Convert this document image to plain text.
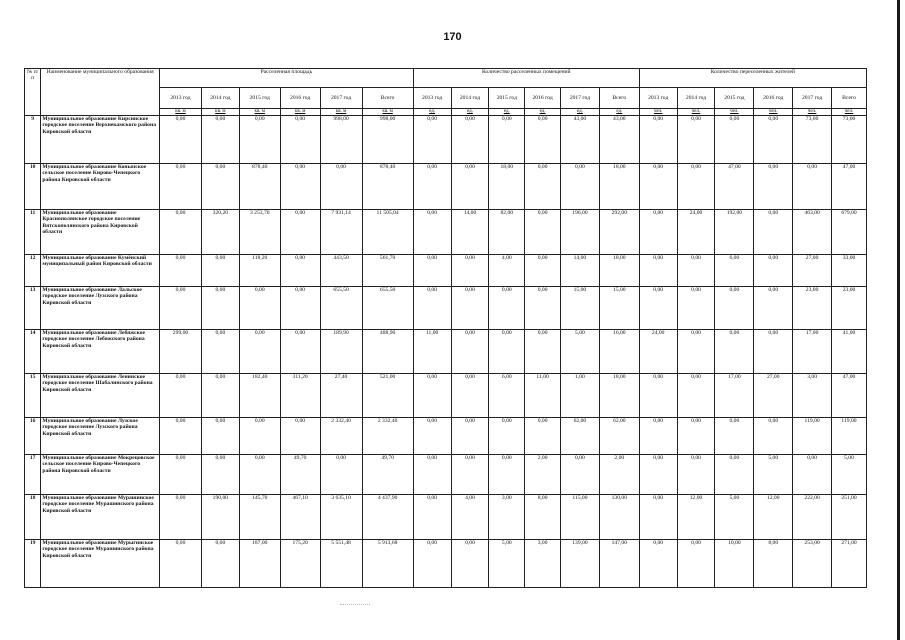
170
№ п/п	Наименование муниципального образования	Расселенная площадь						Количество расселенных помещений						Количество переселенных жителей					
		2013 год	2014 год	2015 год	2016 год	2017 год	Всего	2013 год	2014 год	2015 год	2016 год	2017 год	Всего	2013 год	2014 год	2015 год	2016 год	2017 год	Всего
		кв. м	кв. м	кв. м	кв. м	кв. м	кв. м	ед.	ед.	ед.	ед.	ед.	ед.	чел.	чел.	чел.	чел.	чел.	чел.
9	Муниципальное образование Кирсинское городское поселение Верхнекамского района Кировской области	0,00	0,00	0,00	0,00	998,00	998,00	0,00	0,00	0,00	0,00	43,00	43,00	0,00	0,00	0,00	0,00	73,00	73,00
10	Муниципальное образование Коныпское сельское поселение Кирово-Чепецкого района Кировской области	0,00	0,00	878,40	0,00	0,00	878,40	0,00	0,00	18,00	0,00	0,00	18,00	0,00	0,00	47,00	0,00	0,00	47,00
11	Муниципальное образование Краснополянское городское поселение Вятскополянского района Кировской области	0,00	320,20	3 253,70	0,00	7 931,14	11 505,04	0,00	14,00	82,00	0,00	196,00	292,00	0,00	24,00	192,00	0,00	463,00	679,00
12	Муниципальное образование Кумёнский муниципальный район Кировской области	0,00	0,00	118,20	0,00	443,50	561,70	0,00	0,00	4,00	0,00	14,00	18,00	0,00	0,00	6,00	0,00	27,00	33,00
13	Муниципальное образование Лальское городское поселение Лузского района Кировской области	0,00	0,00	0,00	0,00	655,50	655,50	0,00	0,00	0,00	0,00	15,00	15,00	0,00	0,00	0,00	0,00	23,00	23,00
14	Муниципальное образование Лебяжское городское поселение Лебяжского района Кировской области	299,00	0,00	0,00	0,00	189,90	488,90	11,00	0,00	0,00	0,00	5,00	16,00	24,00	0,00	0,00	0,00	17,00	41,00
15	Муниципальное образование Ленинское городское поселение Шабалинского района Кировской области	0,00	0,00	182,40	311,20	27,40	521,00	0,00	0,00	6,00	11,00	1,00	18,00	0,00	0,00	17,00	27,00	3,00	47,00
16	Муниципальное образование Лузское городское поселение Лузского района Кировской области	0,00	0,00	0,00	0,00	2 332,40	2 332,40	0,00	0,00	0,00	0,00	62,00	62,00	0,00	0,00	0,00	0,00	119,00	119,00
17	Муниципальное образование Мокрецовское сельское поселение Кирово-Чепецкого района Кировской области	0,00	0,00	0,00	49,70	0,00	49,70	0,00	0,00	0,00	2,00	0,00	2,00	0,00	0,00	0,00	5,00	0,00	5,00
18	Муниципальное образование Мурашинское городское поселение Мурашинского района Кировской области	0,00	190,00	145,70	467,10	3 635,10	4 437,90	0,00	4,00	3,00	8,00	115,00	130,00	0,00	12,00	5,00	12,00	222,00	251,00
19	Муниципальное образование Мурыгинское городское поселение Мурашинского района Кировской области	0,00	0,00	187,00	175,20	5 551,48	5 913,68	0,00	0,00	5,00	3,00	139,00	147,00	0,00	0,00	10,00	8,00	253,00	271,00
